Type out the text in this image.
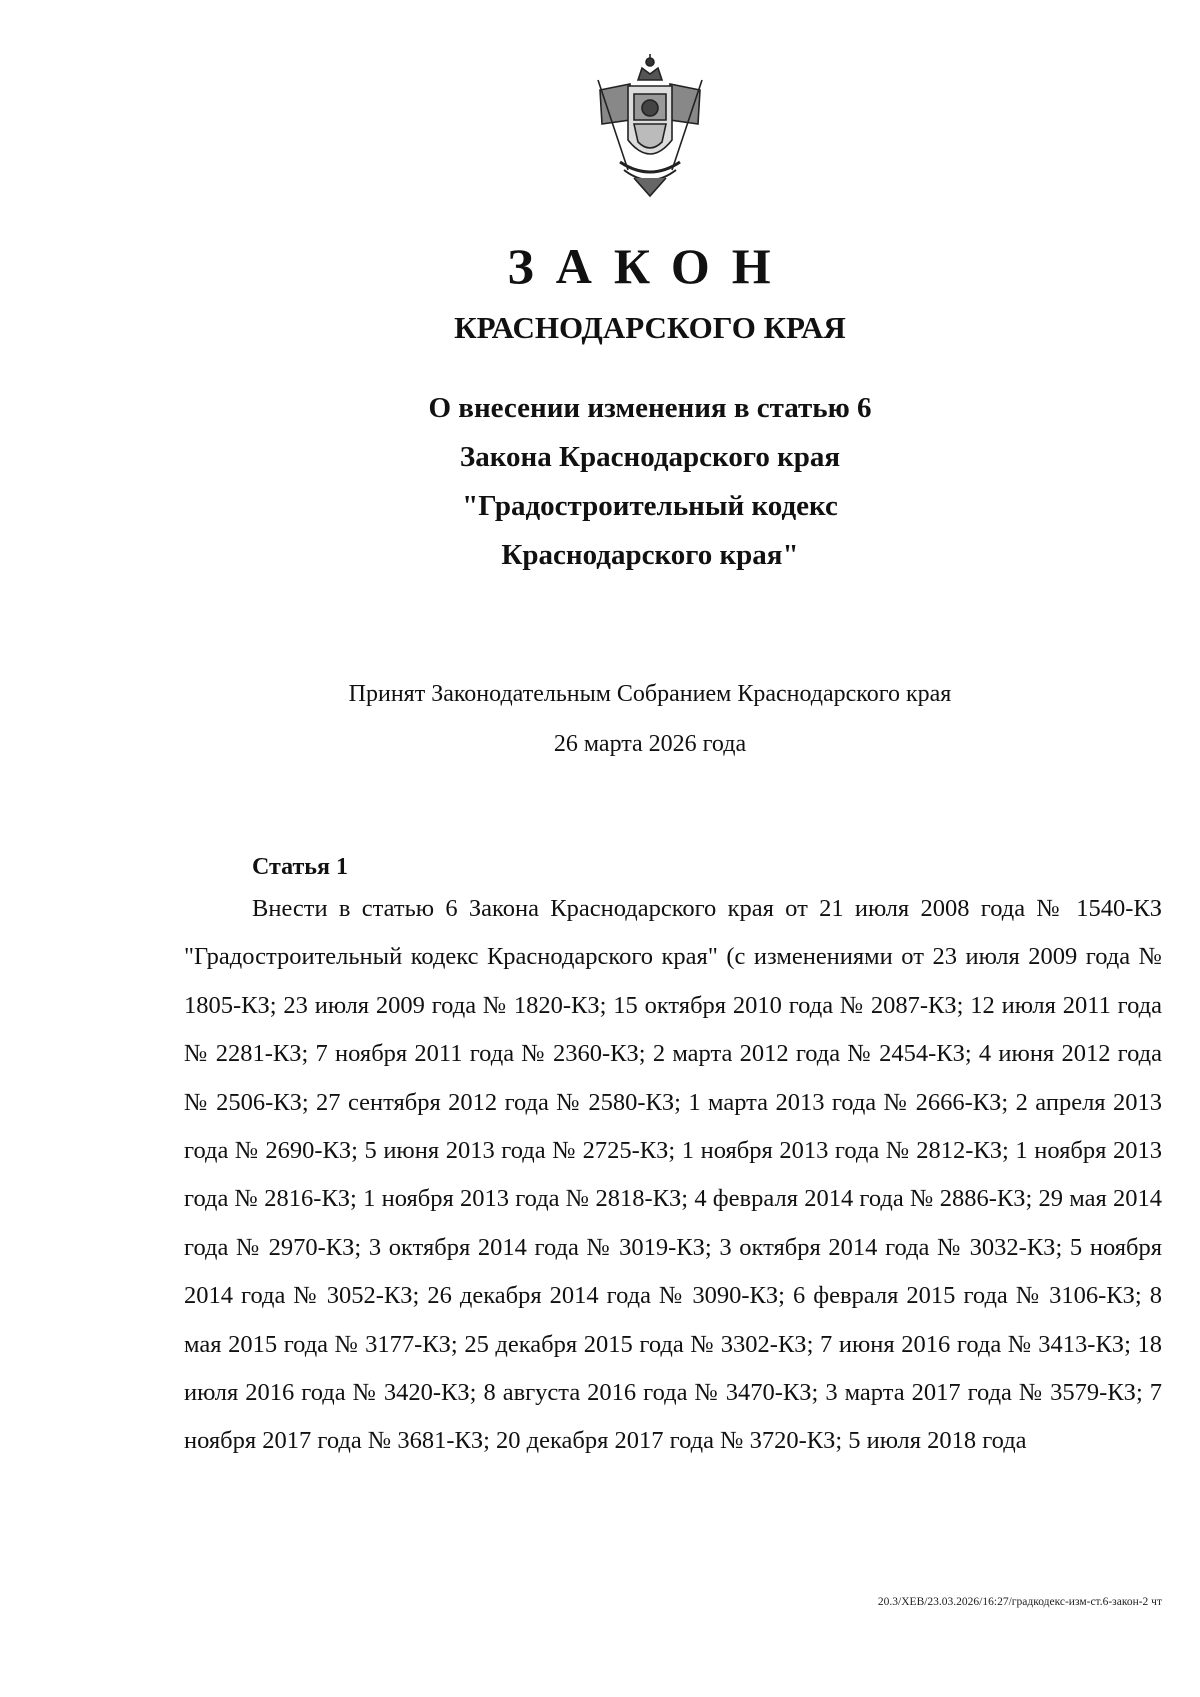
ЗАКОН
КРАСНОДАРСКОГО КРАЯ
О внесении изменения в статью 6
Закона Краснодарского края
"Градостроительный кодекс
Краснодарского края"
Принят Законодательным Собранием Краснодарского края
26 марта 2026 года
Статья 1

Внести в статью 6 Закона Краснодарского края от 21 июля 2008 года № 1540-КЗ "Градостроительный кодекс Краснодарского края" (с изменениями от 23 июля 2009 года № 1805-КЗ; 23 июля 2009 года № 1820-КЗ; 15 октября 2010 года № 2087-КЗ; 12 июля 2011 года № 2281-КЗ; 7 ноября 2011 года № 2360-КЗ; 2 марта 2012 года № 2454-КЗ; 4 июня 2012 года № 2506-КЗ; 27 сентября 2012 года № 2580-КЗ; 1 марта 2013 года № 2666-КЗ; 2 апреля 2013 года № 2690-КЗ; 5 июня 2013 года № 2725-КЗ; 1 ноября 2013 года № 2812-КЗ; 1 ноября 2013 года № 2816-КЗ; 1 ноября 2013 года № 2818-КЗ; 4 февраля 2014 года № 2886-КЗ; 29 мая 2014 года № 2970-КЗ; 3 октября 2014 года № 3019-КЗ; 3 октября 2014 года № 3032-КЗ; 5 ноября 2014 года № 3052-КЗ; 26 декабря 2014 года № 3090-КЗ; 6 февраля 2015 года № 3106-КЗ; 8 мая 2015 года № 3177-КЗ; 25 декабря 2015 года № 3302-КЗ; 7 июня 2016 года № 3413-КЗ; 18 июля 2016 года № 3420-КЗ; 8 августа 2016 года № 3470-КЗ; 3 марта 2017 года № 3579-КЗ; 7 ноября 2017 года № 3681-КЗ; 20 декабря 2017 года № 3720-КЗ; 5 июля 2018 года

20.3/ХЕВ/23.03.2026/16:27/градкодекс-изм-ст.6-закон-2 чт
